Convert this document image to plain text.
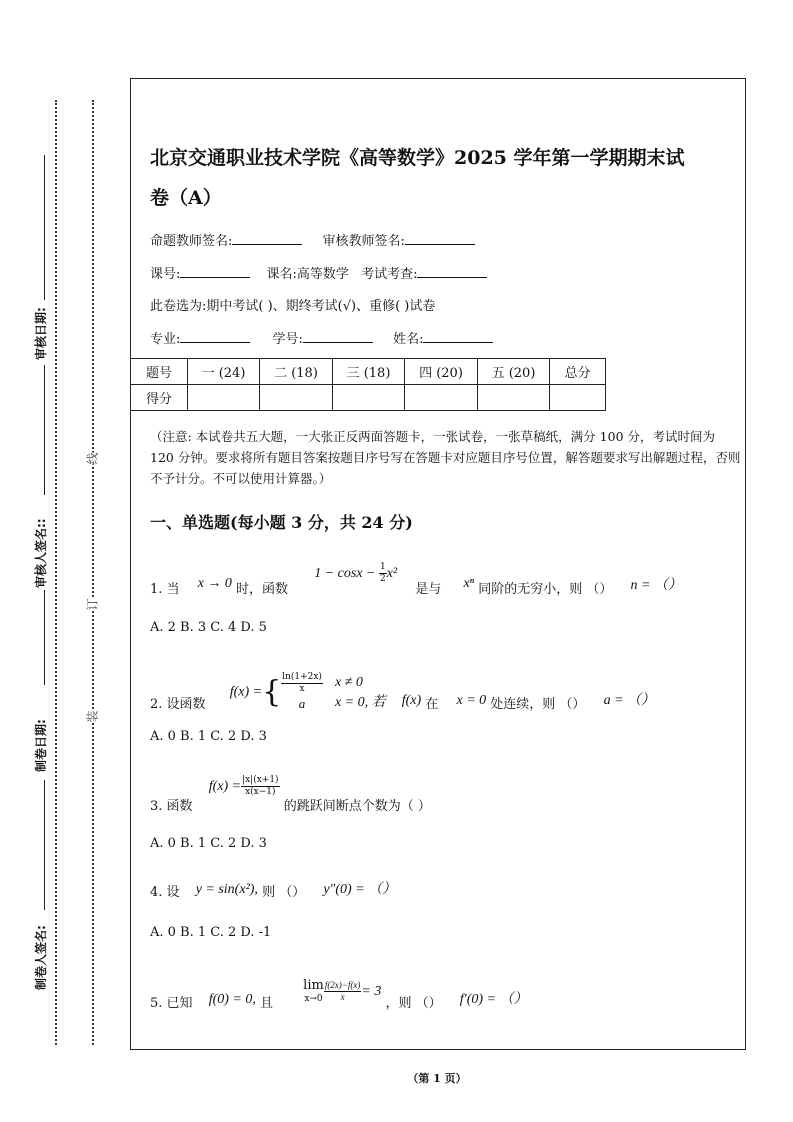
审核日期:
审核人签名::
制卷日期:
制卷人签名:
线
订
装
北京交通职业技术学院《高等数学》2025 学年第一学期期末试
卷（A）
命题教师签名:	审核教师签名:
课号:	课名:高等数学 考试考查:
此卷选为:期中考试( )、期终考试(√)、重修( )试卷
专业:	学号:	姓名:
题号	一 (24)	二 (18)	三 (18)	四 (20)	五 (20)	总分
得分						
（注意: 本试卷共五大题，一大张正反两面答题卡，一张试卷，一张草稿纸，满分 100 分，考试时间为 120 分钟。要求将所有题目答案按题目序号写在答题卡对应题目序号位置，解答题要求写出解题过程，否则不予计分。不可以使用计算器。）
一、单选题(每小题 3 分，共 24 分)
1. 当 x → 0 时，函数 $1 - \cos x - \frac{1}{2} x^2$ 是与 xⁿ 同阶的无穷小，则 （） n = （）
A. 2 B. 3 C. 4 D. 5
2. 设函数 f(x) ={ ln(1+2x)
x
a
x ≠ 0
x = 0, 若 f(x) 在 x = 0 处连续，则 （） a = （）
A. 0 B. 1 C. 2 D. 3
3. 函数 $f(x) = \frac{|x|(x+1)}{x(x-1)}$
的跳跃间断点个数为（ ）
A. 0 B. 1 C. 2 D. 3
4. 设 y = sin(x²), 则 （） y″(0) = （）
A. 0 B. 1 C. 2 D. -1
5. 已知 f(0) = 0, 且
lim
$x\to 0 \frac{f(2x)-f(x)}{x} = 3$ ，则 （） f′(0) = （）
（第 1 页）
